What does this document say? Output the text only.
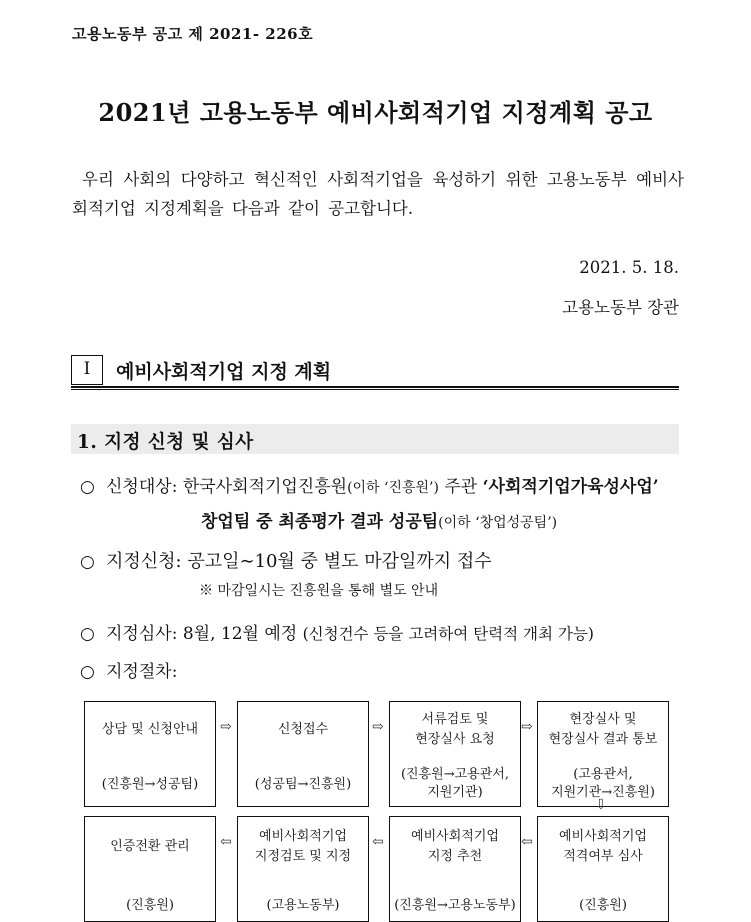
고용노동부 공고 제 2021- 226호
2021년 고용노동부 예비사회적기업 지정계획 공고
우리 사회의 다양하고 혁신적인 사회적기업을 육성하기 위한 고용노동부 예비사회적기업 지정계획을 다음과 같이 공고합니다.
2021. 5. 18.
고용노동부 장관
I	예비사회적기업 지정 계획
1. 지정 신청 및 심사
○ 신청대상: 한국사회적기업진흥원(이하 ‘진흥원’) 주관 ‘사회적기업가육성사업’
창업팀 중 최종평가 결과 성공팀(이하 ‘창업성공팀’)
○ 지정신청: 공고일∼10월 중 별도 마감일까지 접수
※ 마감일시는 진흥원을 통해 별도 안내
○ 지정심사: 8월, 12월 예정 (신청건수 등을 고려하여 탄력적 개최 가능)
○ 지정절차:
상담 및 신청안내
(진흥원→성공팀)
⇨	신청접수
(성공팀→진흥원)
⇨	서류검토 및
현장실사 요청
(진흥원→고용관서,
지원기관)
⇨	현장실사 및
현장실사 결과 통보
(고용관서,
지원기관→진흥원)
⇩
인증전환 관리
(진흥원)
⇦	예비사회적기업
지정검토 및 지정
(고용노동부)
⇦	예비사회적기업
지정 추천
(진흥원→고용노동부)
⇦	예비사회적기업
적격여부 심사
(진흥원)
